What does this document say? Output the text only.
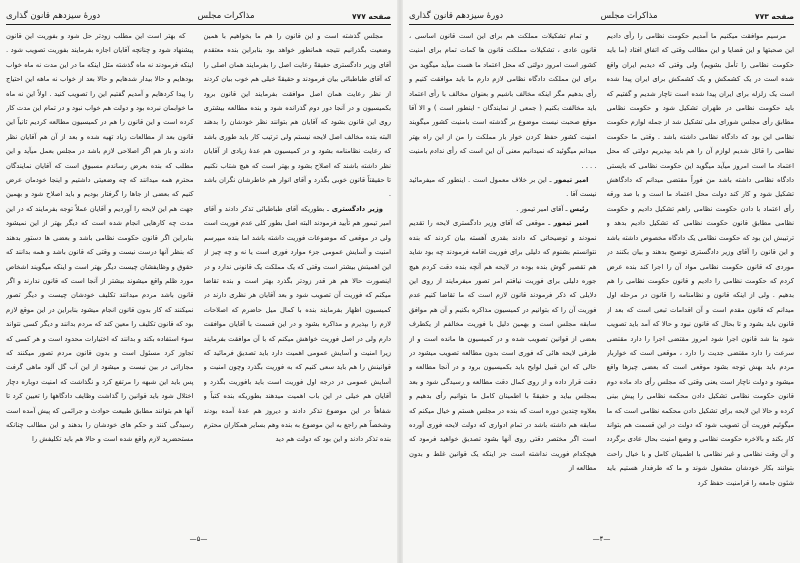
دورهٔ سیزدهم قانون گذاری	مذاکرات مجلس	صفحه ۷۷۷

مجلس گذشته است و این قانون را هم ما بخواهیم با همین وضعیت بگذرانیم نتیجه همانطور خواهد بود بنابراین بنده معتقدم آقای وزیر دادگستری حقیقةً رعایت اصل را بفرمایند همان اصلی را که آقای طباطبائی بیان فرمودند و حقیقةً خیلی هم خوب بیان کردند از نظر رعایت همان اصل موافقت بفرمایند این قانون برود بکمیسیون و در آنجا دور دوم گذرانده شود و بنده مطالعه بیشتری روی این قانون بشود که آقایان هم بتوانند نظر خودشان را بدهند البته بنده مخالف اصل لایحه نیستم ولی ترتیب کار باید طوری باشد که رعایت نظامنامه بشود و در کمیسیون هم عدهٔ زیادی از آقایان نظر داشته باشند که اصلاح بشود و بهتر است که هیچ شتاب نکنیم تا حقیقتاً قانون خوبی بگذرد و آقای انوار هم خاطرشان نگران باشد .

وزیر دادگستری ـ بطوریکه آقای طباطبائی تذکر دادند و آقای امیر تیمور هم تأیید فرمودند البته اصل بطور کلی عدم فوریت است ولی در موقعی که موضوعات فوریت داشته باشد اما بنده میپرسم امنیت و آسایش عمومی جزء موارد فوری است یا نه و چه چیز از این اهمیتش بیشتر است وقتی که یک مملکت یک قانونی ندارد و در اینصورت حالا هم هر قدر زودتر بگذرد بهتر است و بنده تقاضا میکنم که فوریت آن تصویب شود و بعد آقایان هر نظری دارند در کمیسیون اظهار بفرمایند بنده با کمال میل حاضرم که اصلاحات لازم را بپذیرم و مذاکره بشود و در این قسمت با آقایان موافقت دارم ولی در اصل فوریت خواهش میکنم که با آن موافقت بفرمایند زیرا امنیت و آسایش عمومی اهمیت دارد باید تصدیق فرمائید که قوانینش را هم باید سعی کنیم که به فوریت بگذرد وچون امنیت و آسایش عمومی در درجه اول فوریت است باید بافوریت بگذرد و آقایان هم خیلی در این باب اهمیت میدهند بطوریکه بنده کتباً و شفاهاً در این موضوع تذکر دادند و دیروز هم عدهٔ آمده بودند وشخصاً هم راجع به این موضوع به بنده وهم بسایر همکاران محترم بنده تذکر دادند و این بود که دولت هم دید

که بهتر است این مطلب زودتر حل شود و بفوریت این قانون پیشنهاد شود و چنانچه آقایان اجازه بفرمایند بفوریت تصویب شود . اینکه فرمودند نه ماه گذشته مثل اینکه ما در این مدت نه ماه خواب بودهایم و حالا بیدار شدهایم و حالا بعد از خواب نه ماهه این احتیاج را پیدا کردهایم و آمدیم گفتیم این را تصویب کنید . اولاً این نه ماه ما خوابمان نبرده بود و دولت هم خواب نبود و در تمام این مدت کار کرده است و این قانون را هم در کمیسیون مطالعه کردیم ثانیاً این قانون بعد از مطالعات زیاد تهیه شده و بعد از آن هم آقایان نظر دادند و باز هم اگر اصلاحی لازم باشد در مجلس بعمل میآید و این مطلب که بنده بعرض رساندم مسبوق است که آقایان نمایندگان محترم همه میدانند که چه وضعیتی داشتیم و اینجا خودمان عرض کنیم که بعضی از جاها را گرفتار بودیم و باید اصلاح شود و بهمین جهت هم این لایحه را آوردیم و آقایان عملاً توجه بفرمایند که در این مدت چه کارهایی انجام شده است که دیگر بهتر از این نمیشود بنابراین اگر قانون حکومت نظامی باشد و بعضی ها دستور بدهند که بنظر آنها درست نیست و وقتی که قانون باشد و همه بدانند که حقوق و وظایفشان چیست دیگر بهتر است و اینکه میگویند اشخاص مورد ظلم واقع میشوند بیشتر از آنجا است که قانون ندارند و اگر قانون باشد مردم میدانند تکلیف خودشان چیست و دیگر تصور نمیکنند که کار بدون قانون انجام میشود بنابراین در این موقع لازم بود که قانون تکلیف را معین کند که مردم بدانند و دیگر کسی نتواند سوء استفاده بکند و بدانند که اختیارات محدود است و هر کسی که تجاوز کرد مسئول است و بدون قانون مردم تصور میکنند که مجازاتی در بین نیست و میشود از این آب گل آلود ماهی گرفت پس باید این شبهه را مرتفع کرد و نگذاشت که امنیت دوباره دچار اختلال شود باید قوانین را گذاشت وظایف دادگاهها را تعیین کرد تا آنها هم بتوانند مطابق طبیعت حوادث و جرائمی که پیش آمده است رسیدگی کنند و حکم های خودشان را بدهند و این مطالب چنانکه مستحضرید لازم واقع شده است و حالا هم باید تکلیفش را

—۵—
دورهٔ سیزدهم قانون گذاری	مذاکرات مجلس	صفحه ۷۷۳

مرسیم موافقت میکنیم ما آمدیم حکومت نظامی را رأی دادیم این صحبتها و این قضایا و این مطالب وقتی که اتفاق افتاد (ما باید حکومت نظامی را تأمل بشویم) ولی وقتی که دیدیم ایران واقع شده است در یک کشمکش و یک کشمکش برای ایران پیدا شده است یک زلزله برای ایران پیدا شده است ناچار شدیم و گفتیم که باید حکومت نظامی در طهران تشکیل شود و حکومت نظامی مطابق رأی مجلس شورای ملی تشکیل شد از جمله لوازم حکومت نظامی این بود که دادگاه نظامی داشته باشد . وقتی ما حکومت نظامی را قائل شدیم لوازم آن را هم باید بپذیریم دولتی که محل اعتماد ما است امروز میآید میگوید این حکومت نظامی که بایستی دادگاه نظامی داشته باشد من فوراً مقتضی میدانم که دادگاهش تشکیل شود و کار کند دولت محل اعتماد ما است و با صد ورقه رأی اعتماد با دادن حکومت نظامی راهم تشکیل دادیم و حکومت نظامی مطابق قانون حکومت نظامی که تشکیل دادیم بدهد و ترتیبش این بود که حکومت نظامی یک دادگاه مخصوص داشته باشد و این قانون را آقای وزیر دادگستری توضیح بدهند و بیان بکنند در موردی که قانون حکومت نظامی مواد آن را اجرا کند بنده عرض کردم که حکومت نظامی را دادیم و قانون حکومت نظامی را هم بدهیم . ولی از اینکه قانون و نظامنامه را قانون در مرحله اول میدانم که قانون مقدم است و آن اقدامات تبعی است که بعد از قانون باید بشود و تا بحال که قانون نبود و حالا که آمد باید تصویب شود بنا شد قانون اجرا شود امروز مقتضی اجرا را دارد مقتضی سرعت را دارد مقتضی جدیت را دارد ، موقعی است که خواربار مردم باید بهش توجه بشود موقعی است که بعضی چیزها واقع میشود و دولت ناچار است یعنی وقتی که مجلس رأی داد ماده دوم قانون حکومت نظامی تشکیل دادن محکمه نظامی را پیش بینی کرده و حالا این لایحه برای تشکیل دادن محکمه نظامی است که ما میگوئیم فوریت آن تصویب شود که دولت در این قسمت هم بتواند کار بکند و بالاخره حکومت نظامی و وضع امنیت بحال عادی برگردد و آن وقت نظامی و غیر نظامی با اطمینان کامل و با خیال راحت بتوانند بکار خودشان مشغول شوند و ما که طرفدار هستیم باید شئون جامعه را قرامنیت حفظ کرد

و تمام تشکیلات مملکت هم برای این است قانون اساسی ، قانون عادی ، تشکیلات مملکت قانون ها کمات تمام برای امنیت کشور است امروز دولتی که محل اعتماد ما هست میآید میگوید من برای این مملکت دادگاه نظامی لازم دارم ما باید موافقت کنیم و رأی بدهیم مگر اینکه مخالف باشیم و بعنوان مخالف با رأی اعتماد باید مخالفت بکنیم ( جمعی از نمایندگان - اینطور است ) و الا آقا موقع صحبت نیست موضوع بر گذشته است بامنیت کشور میگویند امنیت کشور حفظ کردن خوار بار مملکت را من از این راه بهتر میدانم میگوئید که نمیدانیم معنی آن این است که رأی ندادم بامنیت . . . .

امیر تیمور ـ این بر خلاف معمول است . اینطور که میفرمائید نیست آقا .

رئیس ـ آقای امیر تیمور .

امیر تیمور ـ موقعی که آقای وزیر دادگستری لایحه را تقدیم نمودند و توضیحاتی که دادند بقدری آهسته بیان کردند که بنده نتوانستم بشنوم که دلیلی برای فوریت اقامه فرمودند چه بود شاید هم تقصیر گوش بنده بوده در لایحه هم آنچه بنده دقت کردم هیچ جوره دلیلی برای فوریت نیافتم امر تصور میفرمایند از روی این دلایلی که ذکر فرمودند قانون لازم است که ما تقاضا کنیم عدم فوریت آن را که بتوانیم در کمیسیون مذاکره بکنیم و آن هم موافق سابقه مجلس است و بهمین دلیل با فوریت مخالفم از یکطرف بعضی از قوانین تصویب شده و در کمیسیون ها مانده است و از طرفی لایحه هائی که فوری است بدون مطالعه تصویب میشود در حالی که این قبیل لوایح باید بکمیسیون برود و در آنجا مطالعه و دقت قرار داده و از روی کمال دقت مطالعه و رسیدگی شود و بعد بمجلس بیاید و حقیقةً با اطمینان کامل ما بتوانیم رأی بدهیم و بعلاوه چندین دوره است که بنده در مجلس هستم و خیال میکنم که سابقه هم داشته باشد در تمام ادواری که دولت لایحه فوری آورده است اگر مختصر دقتی روی آنها بشود تصدیق خواهید فرمود که هیچکدام فوریت نداشته است جز اینکه یک قوانین غلط و بدون مطالعه از

—۴—
